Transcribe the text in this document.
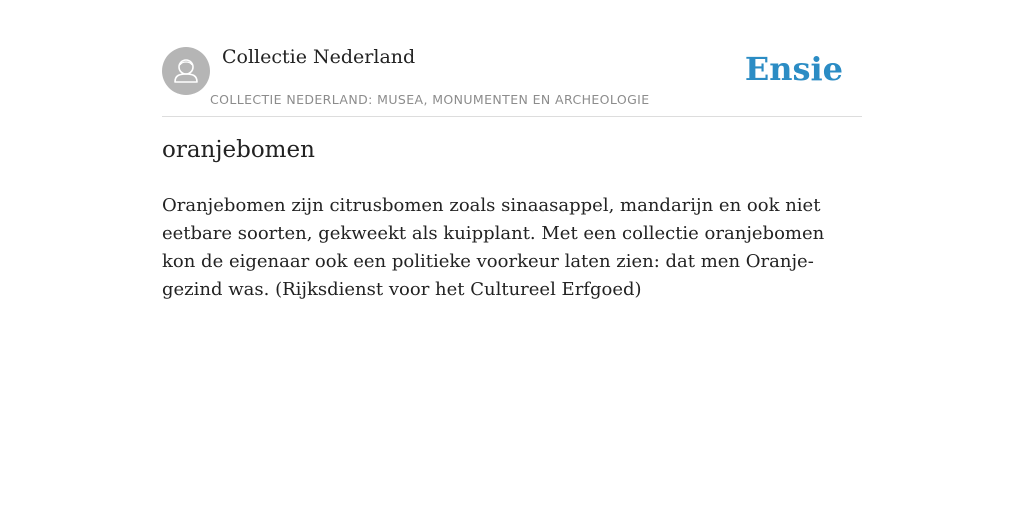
Collectie Nederland
COLLECTIE NEDERLAND: MUSEA, MONUMENTEN EN ARCHEOLOGIE
Ensie
oranjebomen

Oranjebomen zijn citrusbomen zoals sinaasappel, mandarijn en ook niet eetbare soorten, gekweekt als kuipplant. Met een collectie oranjebomen kon de eigenaar ook een politieke voorkeur laten zien: dat men Oranje-gezind was. (Rijksdienst voor het Cultureel Erfgoed)
